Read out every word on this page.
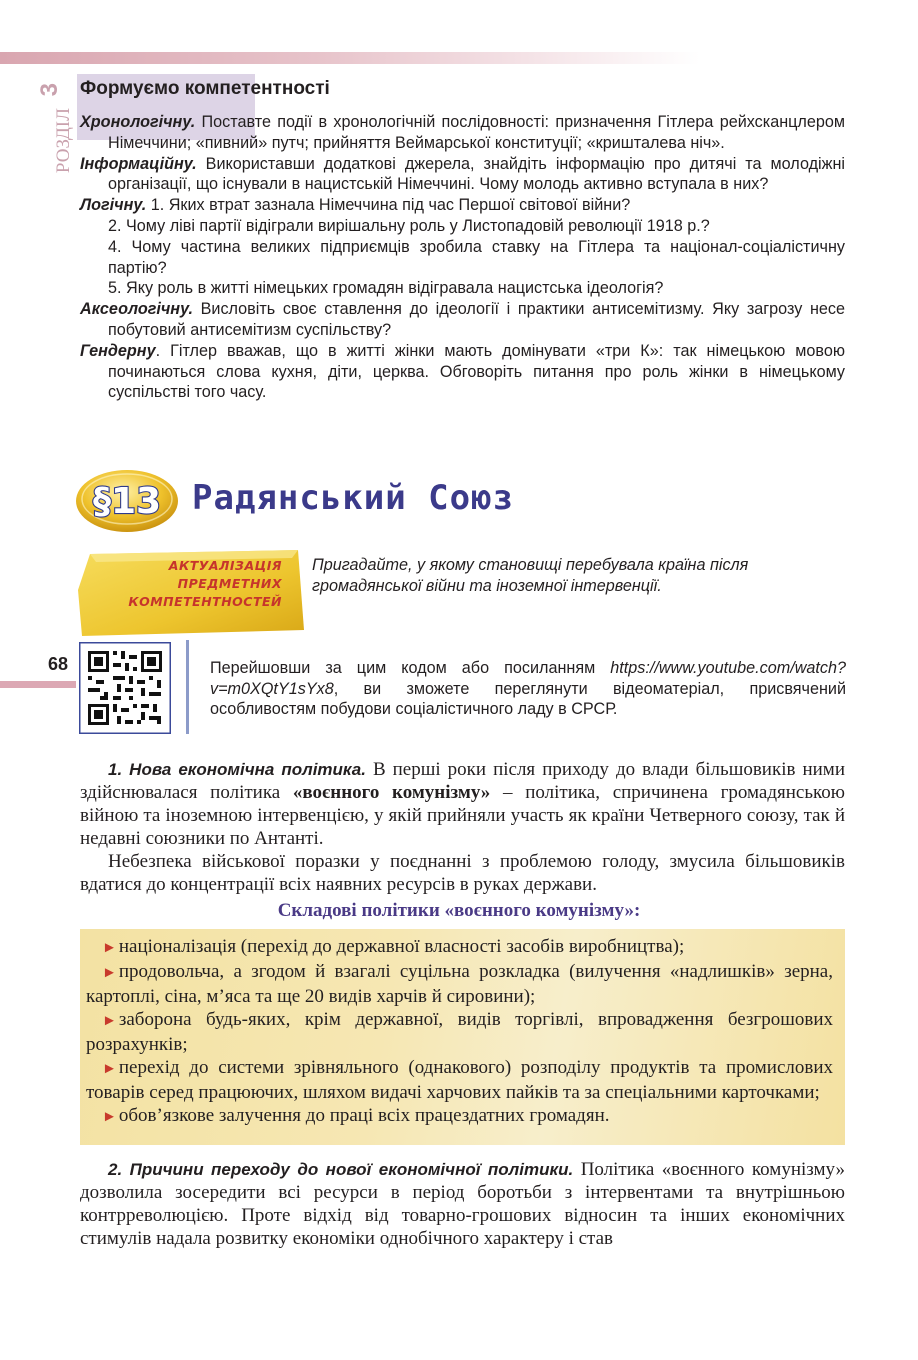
3
РОЗДІЛ
Формуємо компетентності
Хронологічну. Поставте події в хронологічній послідовності: призначення Гітлера рейхсканцлером Німеччини; «пивний» путч; прийняття Веймарської конституції; «кришталева ніч».
Інформаційну. Використавши додаткові джерела, знайдіть інформацію про дитячі та молодіжні організації, що існували в нацистській Німеччині. Чому молодь активно вступала в них?
Логічну. 1. Яких втрат зазнала Німеччина під час Першої світової війни?
2. Чому ліві партії відіграли вирішальну роль у Листопадовій революції 1918 р.?
4. Чому частина великих підприємців зробила ставку на Гітлера та націонал-соціалістичну партію?
5. Яку роль в житті німецьких громадян відігравала нацистська ідеологія?
Аксеологічну. Висловіть своє ставлення до ідеології і практики антисемітизму. Яку загрозу несе побутовий антисемітизм суспільству?
Гендерну. Гітлер вважав, що в житті жінки мають домінувати «три К»: так німецькою мовою починаються слова кухня, діти, церква. Обговоріть питання про роль жінки в німецькому суспільстві того часу.
§13 Радянський Союз
АКТУАЛІЗАЦІЯ
ПРЕДМЕТНИХ
КОМПЕТЕНТНОСТЕЙ
Пригадайте, у якому становищі перебувала країна після громадянської війни та іноземної інтервенції.
68	Перейшовши за цим кодом або посиланням https://www.youtube.com/watch?v=m0XQtY1sYx8, ви зможете переглянути відеоматеріал, присвячений особливостям побудови соціалістичного ладу в СРСР.
1. Нова економічна політика. В перші роки після приходу до влади більшовиків ними здійснювалася політика «воєнного комунізму» – політика, спричинена громадянською війною та іноземною інтервенцією, у якій прийняли участь як країни Четверного союзу, так й недавні союзники по Антанті.
Небезпека військової поразки у поєднанні з проблемою голоду, змусила більшовиків вдатися до концентрації всіх наявних ресурсів в руках держави.
Складові політики «воєнного комунізму»:
► націоналізація (перехід до державної власності засобів виробництва);
► продовольча, а згодом й взагалі суцільна розкладка (вилучення «надлишків» зерна, картоплі, сіна, м’яса та ще 20 видів харчів й сировини);
► заборона будь-яких, крім державної, видів торгівлі, впровадження безгрошових розрахунків;
► перехід до системи зрівняльного (однакового) розподілу продуктів та промислових товарів серед працюючих, шляхом видачі харчових пайків та за спеціальними карточками;
► обов’язкове залучення до праці всіх працездатних громадян.
2. Причини переходу до нової економічної політики. Політика «воєнного комунізму» дозволила зосередити всі ресурси в період боротьби з інтервентами та внутрішньою контрреволюцією. Проте відхід від товарно-грошових відносин та інших економічних стимулів надала розвитку економіки однобічного характеру і став
